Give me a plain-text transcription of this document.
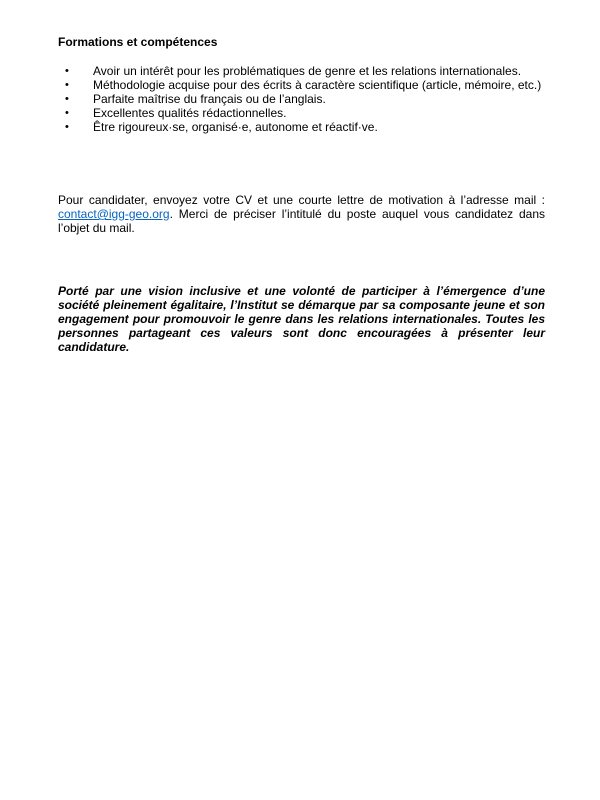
Formations et compétences
• Avoir un intérêt pour les problématiques de genre et les relations internationales.
• Méthodologie acquise pour des écrits à caractère scientifique (article, mémoire, etc.)
• Parfaite maîtrise du français ou de l’anglais.
• Excellentes qualités rédactionnelles.
• Être rigoureux·se, organisé·e, autonome et réactif·ve.

Pour candidater, envoyez votre CV et une courte lettre de motivation à l’adresse mail : contact@igg-geo.org. Merci de préciser l’intitulé du poste auquel vous candidatez dans l’objet du mail.

Porté par une vision inclusive et une volonté de participer à l’émergence d’une société pleinement égalitaire, l’Institut se démarque par sa composante jeune et son engagement pour promouvoir le genre dans les relations internationales. Toutes les personnes partageant ces valeurs sont donc encouragées à présenter leur candidature.
